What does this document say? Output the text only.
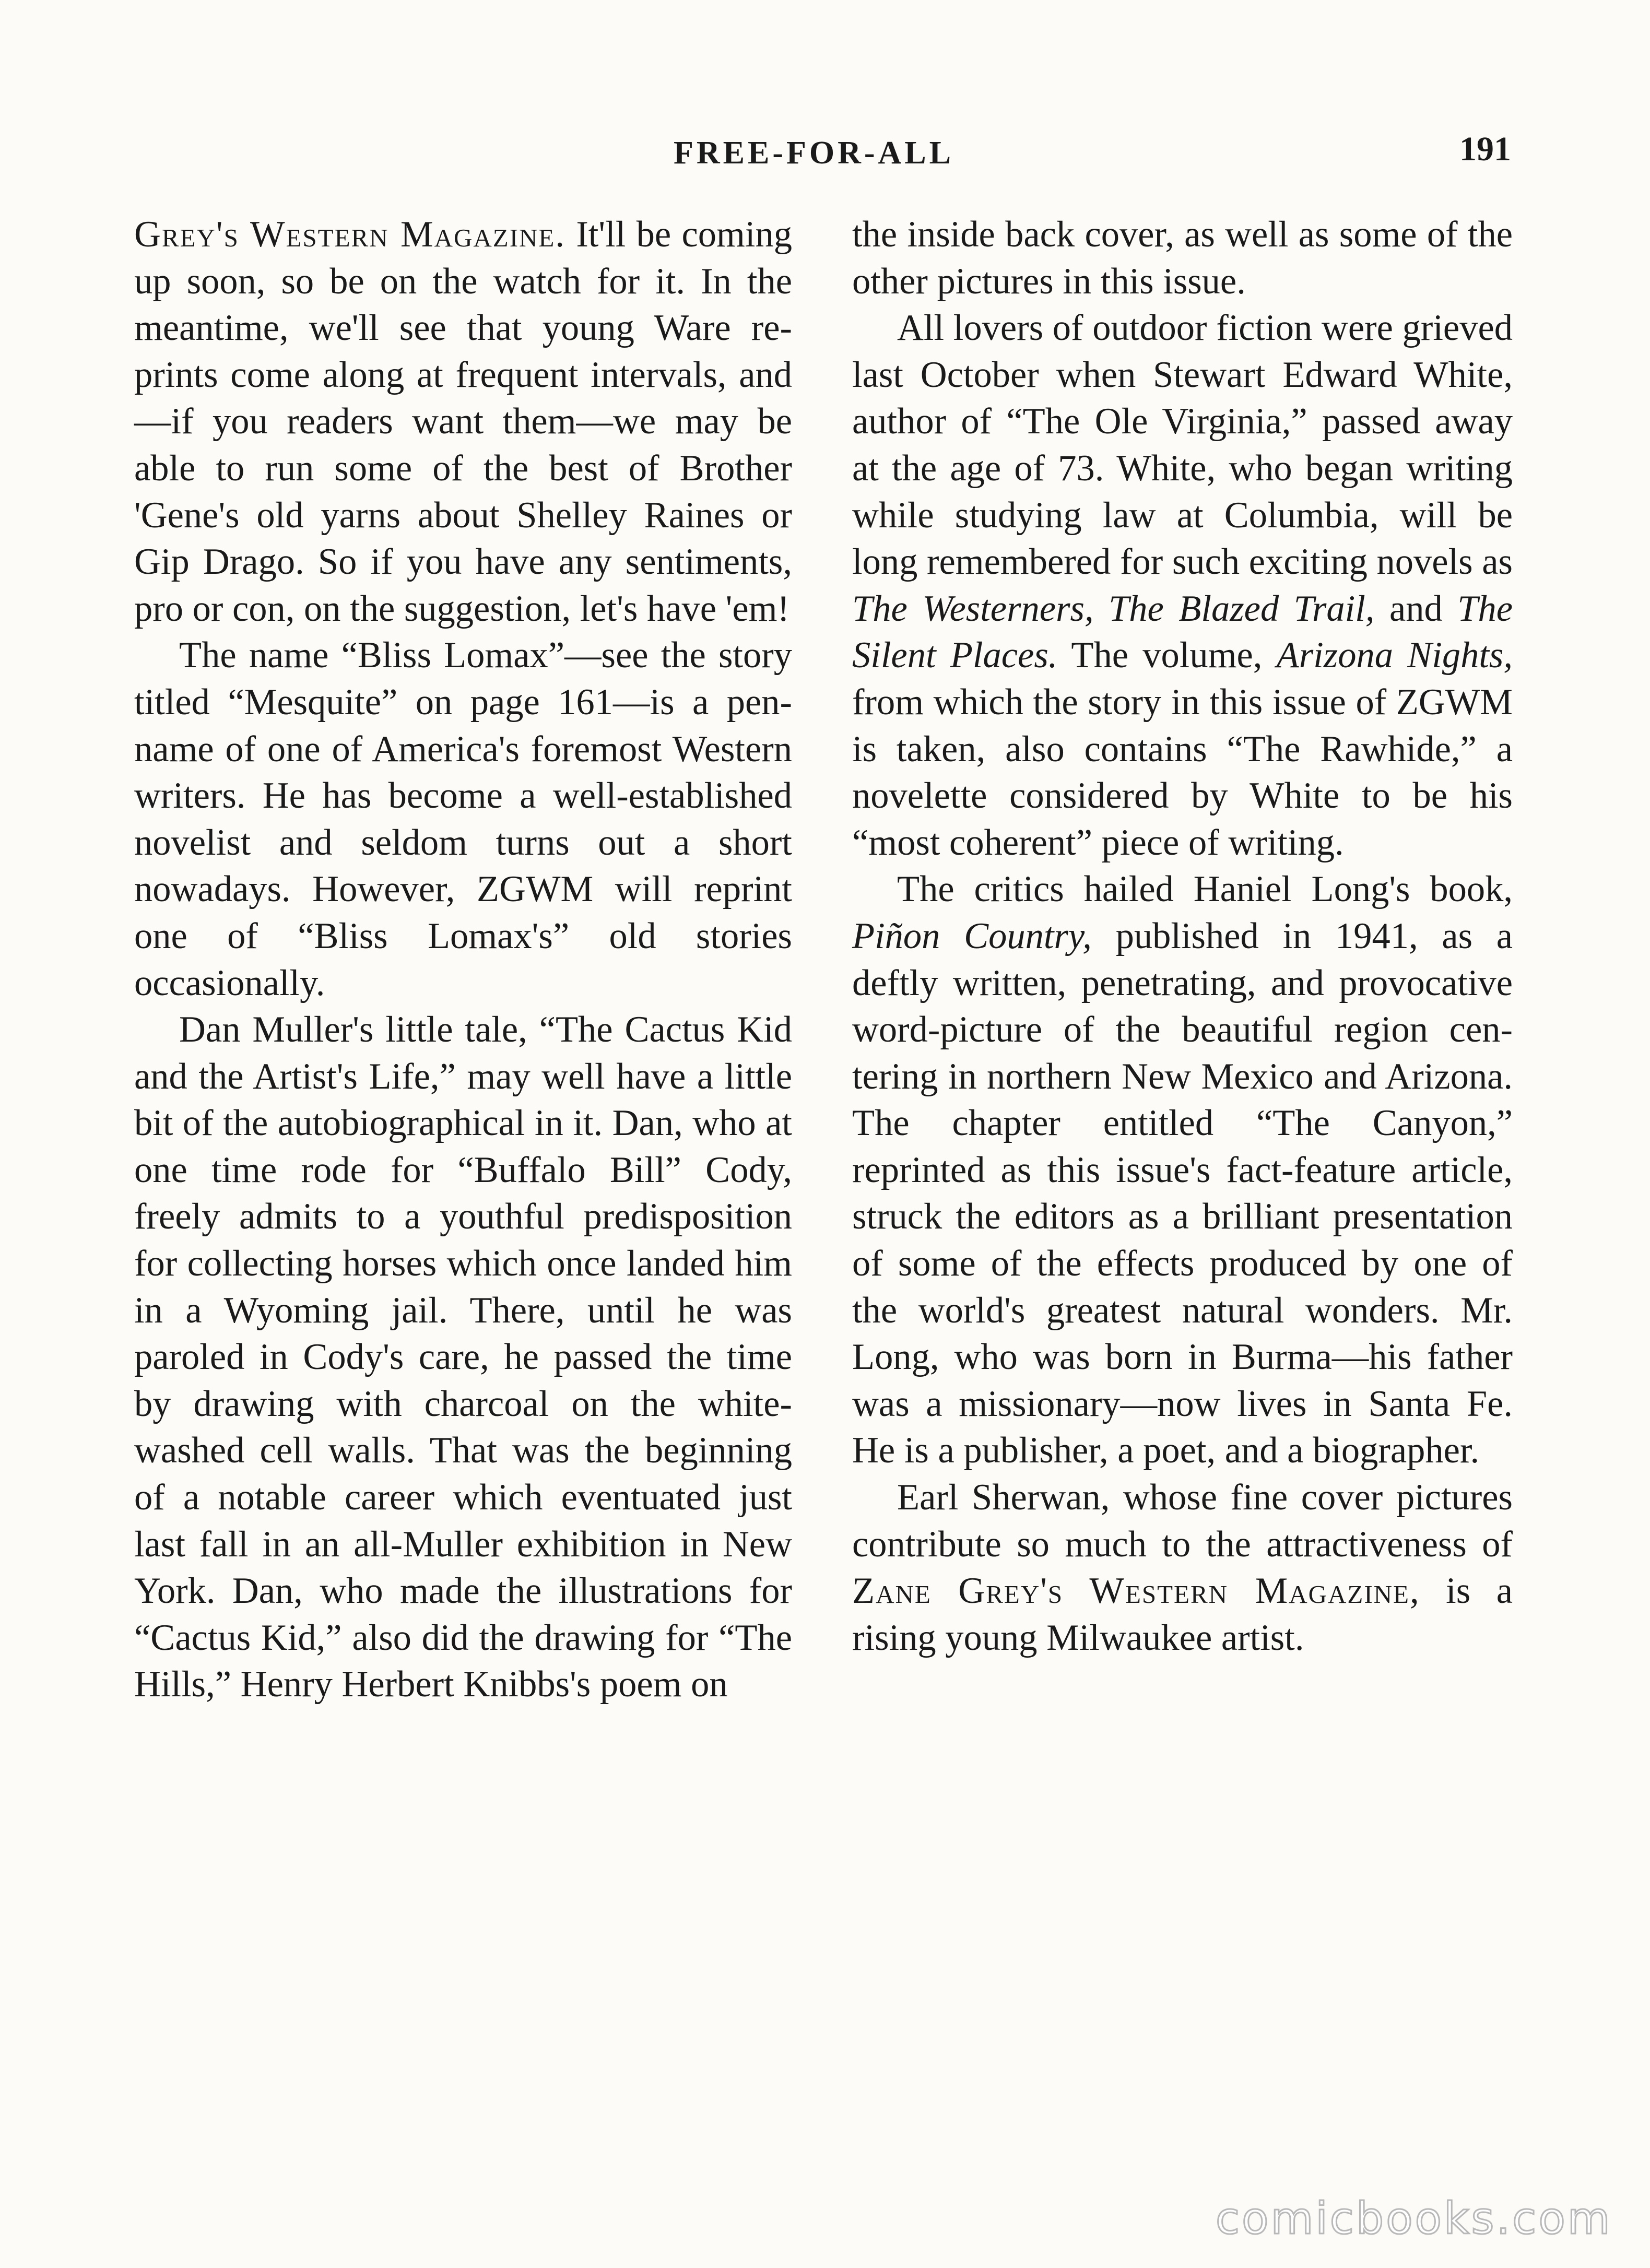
FREE-FOR-ALL	191

Grey's Western Magazine. It'll be coming up soon, so be on the watch for it. In the meantime, we'll see that young Ware reprints come along at frequent intervals, and—if you readers want them—we may be able to run some of the best of Brother 'Gene's old yarns about Shelley Raines or Gip Drago. So if you have any sentiments, pro or con, on the suggestion, let's have 'em!

The name “Bliss Lomax”—see the story titled “Mesquite” on page 161—is a pen-name of one of America's foremost Western writers. He has become a well-established novelist and seldom turns out a short nowadays. However, ZGWM will reprint one of “Bliss Lomax's” old stories occasionally.

Dan Muller's little tale, “The Cactus Kid and the Artist's Life,” may well have a little bit of the autobiographical in it. Dan, who at one time rode for “Buffalo Bill” Cody, freely admits to a youthful predisposition for collecting horses which once landed him in a Wyoming jail. There, until he was paroled in Cody's care, he passed the time by drawing with charcoal on the whitewashed cell walls. That was the beginning of a notable career which eventuated just last fall in an all-Muller exhibition in New York. Dan, who made the illustrations for “Cactus Kid,” also did the drawing for “The Hills,” Henry Herbert Knibbs's poem on

the inside back cover, as well as some of the other pictures in this issue.

All lovers of outdoor fiction were grieved last October when Stewart Edward White, author of “The Ole Virginia,” passed away at the age of 73. White, who began writing while studying law at Columbia, will be long remembered for such exciting novels as The Westerners, The Blazed Trail, and The Silent Places. The volume, Arizona Nights, from which the story in this issue of ZGWM is taken, also contains “The Rawhide,” a novelette considered by White to be his “most coherent” piece of writing.

The critics hailed Haniel Long's book, Piñon Country, published in 1941, as a deftly written, penetrating, and provocative word-picture of the beautiful region centering in northern New Mexico and Arizona. The chapter entitled “The Canyon,” reprinted as this issue's fact-feature article, struck the editors as a brilliant presentation of some of the effects produced by one of the world's greatest natural wonders. Mr. Long, who was born in Burma—his father was a missionary—now lives in Santa Fe. He is a publisher, a poet, and a biographer.

Earl Sherwan, whose fine cover pictures contribute so much to the attractiveness of Zane Grey's Western Magazine, is a rising young Milwaukee artist.

comicbooks.com
